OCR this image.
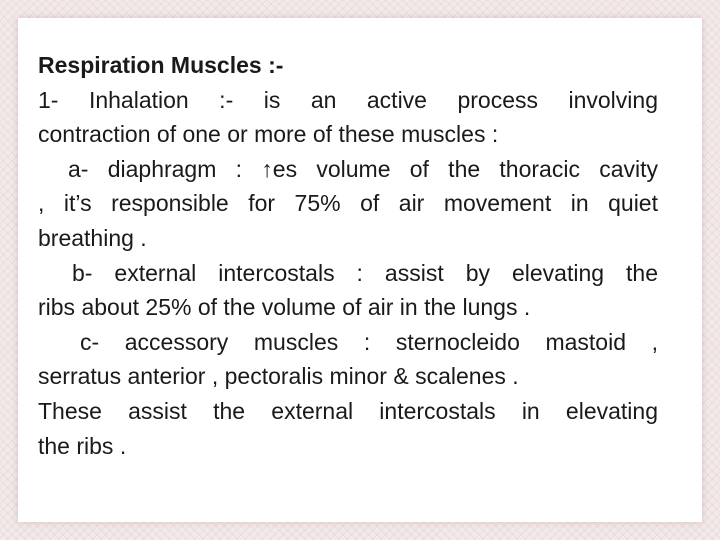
Respiration Muscles :-
1- Inhalation :- is an active process involving
contraction of one or more of these muscles :
a- diaphragm : ↑es volume of the thoracic cavity
, it’s responsible for 75% of air movement in quiet
breathing .
b- external intercostals : assist by elevating the
ribs about 25% of the volume of air in the lungs .
c- accessory muscles : sternocleido mastoid ,
serratus anterior , pectoralis minor & scalenes .
These assist the external intercostals in elevating
the ribs .
